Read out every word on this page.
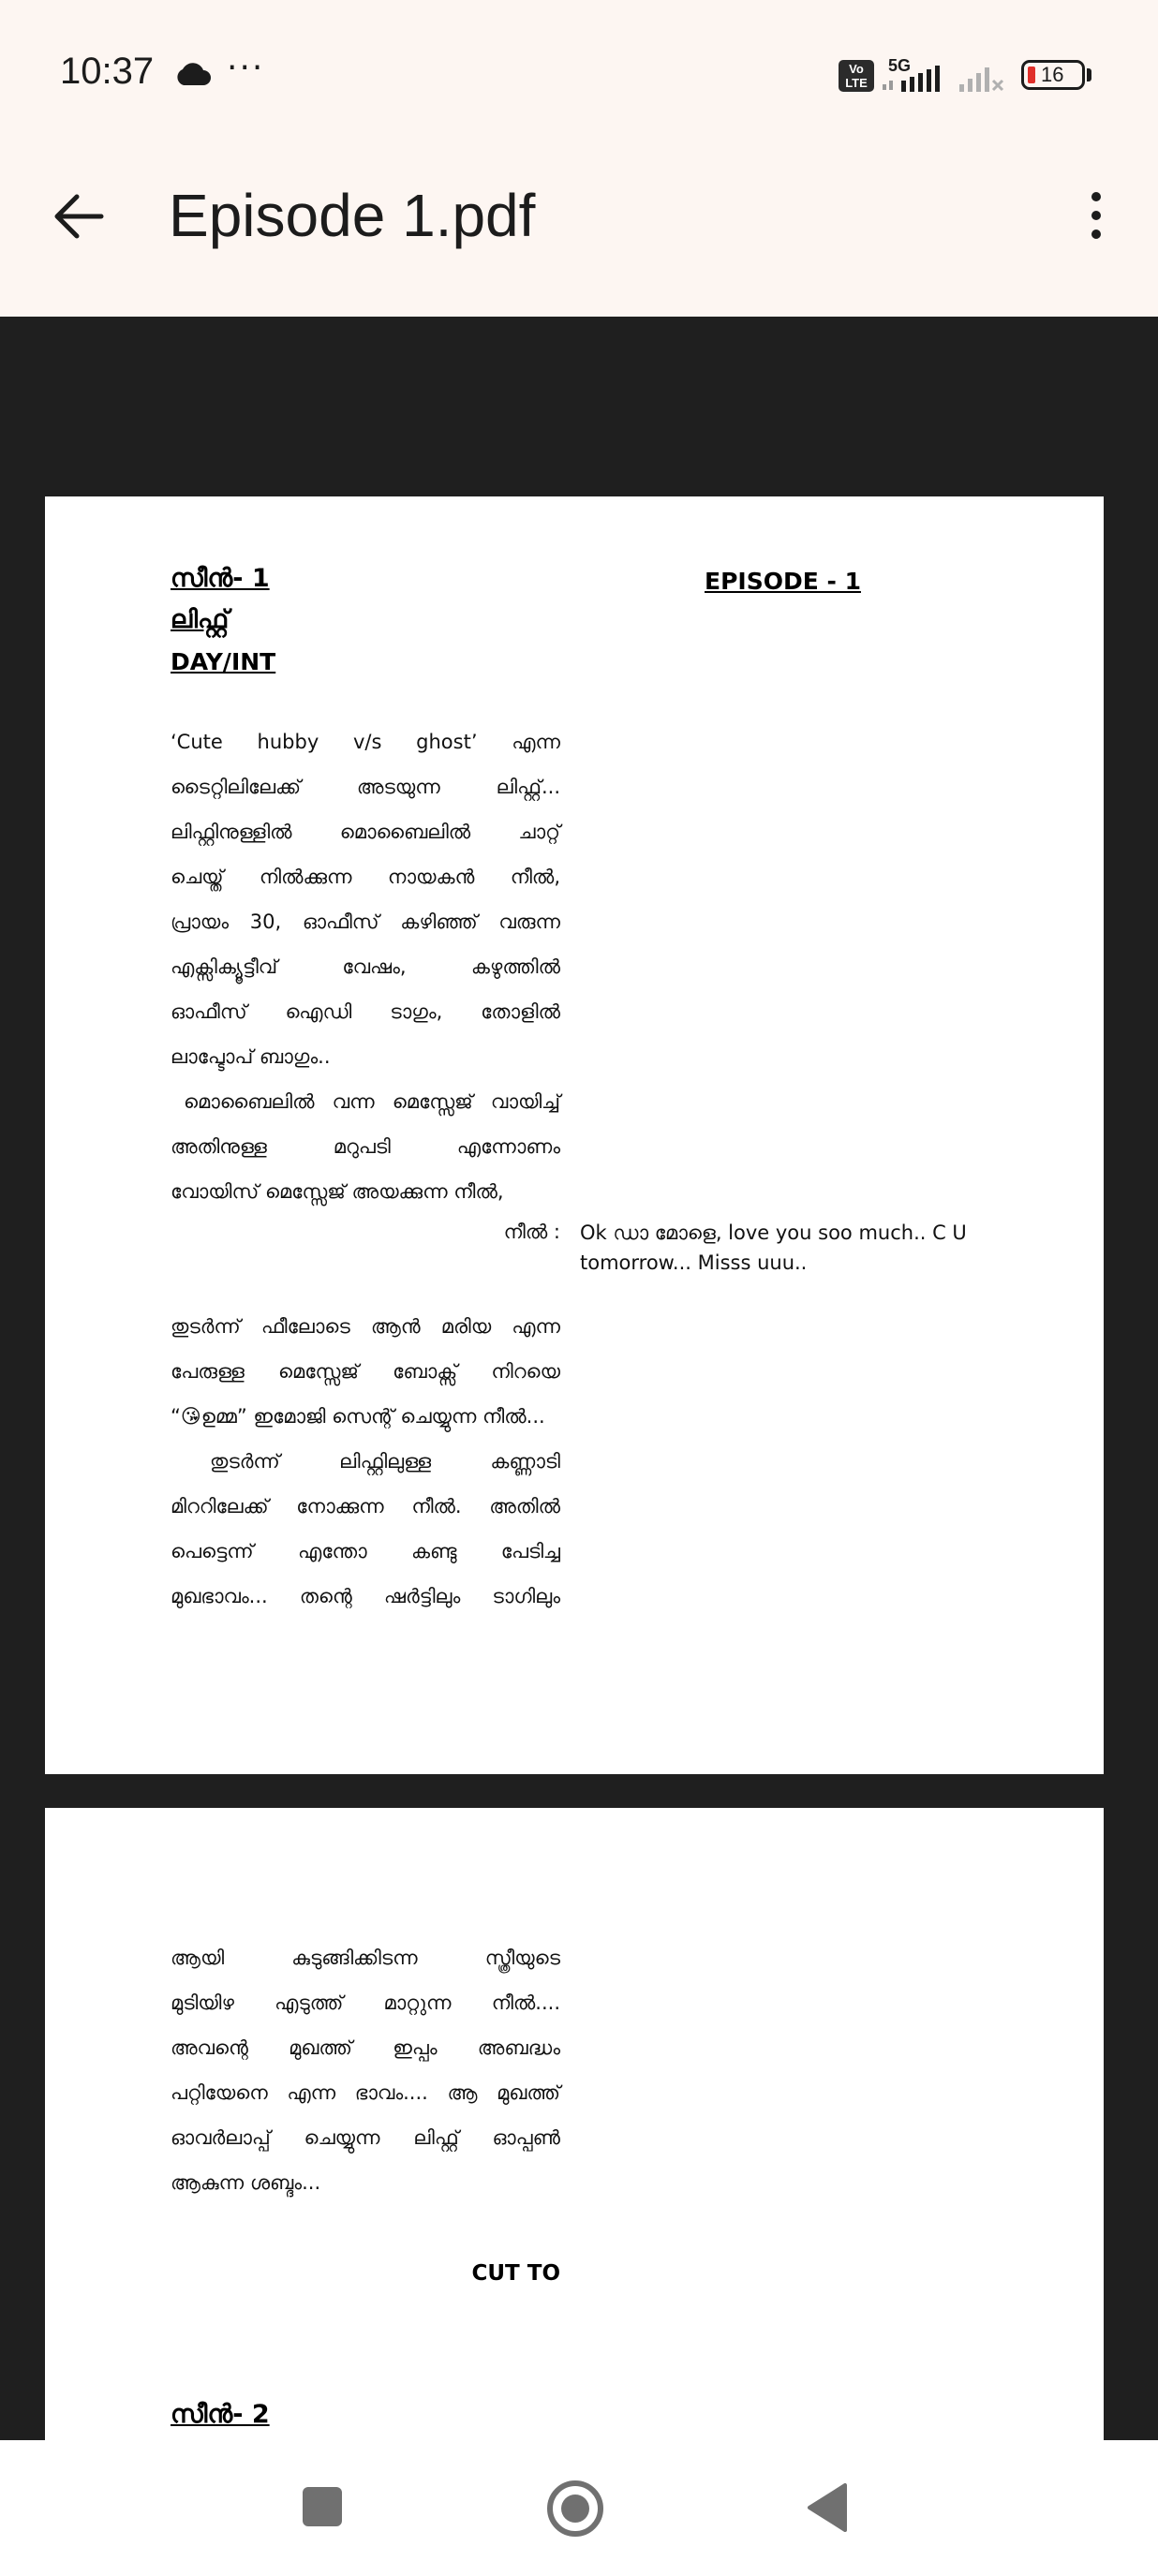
10:37 ···	Vo
LTE
5G	16
Episode 1.pdf
സീൻ- 1
ലിഫ്റ്റ്
DAY/INT
EPISODE - 1

‘Cute hubby v/s ghost’ എന്ന

ടൈറ്റിലിലേക്ക് അടയുന്ന ലിഫ്റ്റ്...

ലിഫ്റ്റിനുള്ളിൽ മൊബൈലിൽ ചാറ്റ്

ചെയ്ത് നിൽക്കുന്ന നായകൻ നീൽ,

പ്രായം 30, ഓഫീസ് കഴിഞ്ഞ് വരുന്ന

എക്സിക്യൂട്ടീവ് വേഷം, കഴുത്തിൽ

ഓഫീസ് ഐഡി ടാഗും, തോളിൽ

ലാപ്ടോപ് ബാഗും..

മൊബൈലിൽ വന്ന മെസ്സേജ് വായിച്ച്

അതിനുള്ള മറുപടി എന്നോണം

വോയിസ് മെസ്സേജ് അയക്കുന്ന നീൽ,

നീൽ : Ok ഡാ മോളെ, love you soo much.. C U tomorrow... Misss uuu..

തുടർന്ന് ഫീലോടെ ആൻ മരിയ എന്ന

പേരുള്ള മെസ്സേജ് ബോക്സ് നിറയെ

“😘ഉമ്മ” ഇമോജി സെന്റ് ചെയ്യുന്ന നീൽ...

തുടർന്ന് ലിഫ്റ്റിലുള്ള കണ്ണാടി

മിററിലേക്ക് നോക്കുന്ന നീൽ. അതിൽ

പെട്ടെന്ന് എന്തോ കണ്ടു പേടിച്ച

മുഖഭാവം... തന്റെ ഷർട്ടിലും ടാഗിലും

ആയി കുടുങ്ങിക്കിടന്ന സ്ത്രീയുടെ

മുടിയിഴ എടുത്ത് മാറ്റുന്ന നീൽ....

അവന്റെ മുഖത്ത് ഇപ്പം അബദ്ധം

പറ്റിയേനെ എന്ന ഭാവം.... ആ മുഖത്ത്

ഓവർലാപ്പ് ചെയ്യുന്ന ലിഫ്റ്റ് ഓപ്പൺ

ആകുന്ന ശബ്ദം...

CUT TO
സീൻ- 2
